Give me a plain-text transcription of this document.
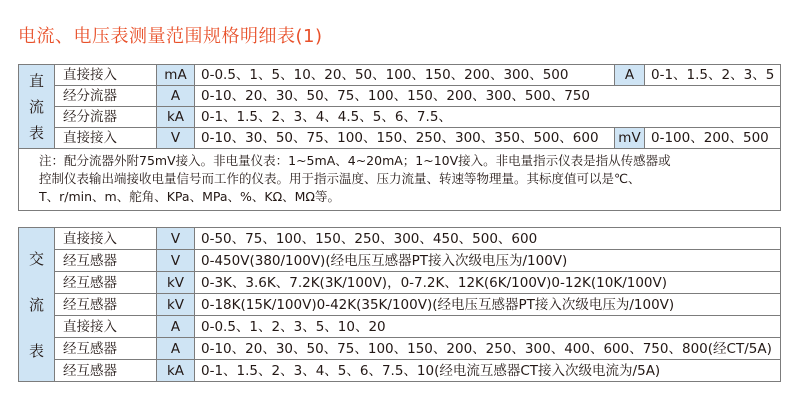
电流、电压表测量范围规格明细表(1)
直
流
表	直接接入	mA	0-0.5、1、5、10、20、50、100、150、200、300、500	A	0-1、1.5、2、3、5
	经分流器	A	0-10、20、30、50、75、100、150、200、300、500、750		
	经分流器	kA	0-1、1.5、2、3、4、4.5、5、6、7.5、		
	直接接入	V	0-10、30、50、75、100、150、250、300、350、500、600	mV	0-100、200、500

注：配分流器外附75mV接入。非电量仪表：1~5mA、4~20mA；1~10V接入。非电量指示仪表是指从传感器或
控制仪表输出端接收电量信号而工作的仪表。用于指示温度、压力流量、转速等物理量。其标度值可以是℃、
T、r/min、m、舵角、KPa、MPa、%、KΩ、MΩ等。					
交

流

表	直接接入	V	0-50、75、100、150、250、300、450、500、600
	经互感器	V	0-450V(380/100V)(经电压互感器PT接入次级电压为/100V)
	经互感器	kV	0-3K、3.6K、7.2K(3K/100V)，0-7.2K、12K(6K/100V)0-12K(10K/100V)
	经互感器	kV	0-18K(15K/100V)0-42K(35K/100V)(经电压互感器PT接入次级电压为/100V)
	直接接入	A	0-0.5、1、2、3、5、10、20
	经互感器	A	0-10、20、30、50、75、100、150、200、250、300、400、600、750、800(经CT/5A)
	经互感器	kA	0-1、1.5、2、3、4、5、6、7.5、10(经电流互感器CT接入次级电流为/5A)
